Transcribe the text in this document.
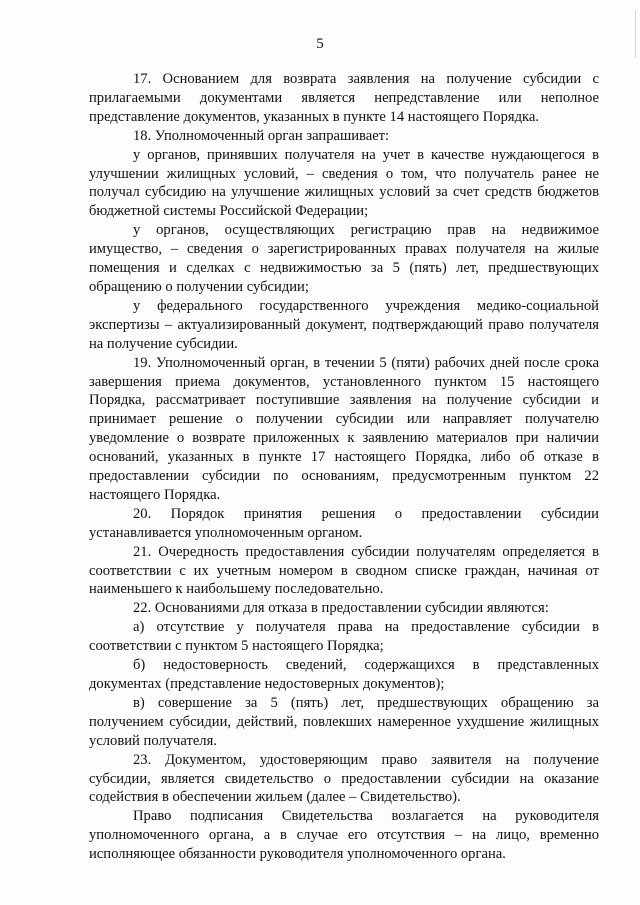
5

17. Основанием для возврата заявления на получение субсидии с прилагаемыми документами является непредставление или неполное представление документов, указанных в пункте 14 настоящего Порядка.

18. Уполномоченный орган запрашивает:

у органов, принявших получателя на учет в качестве нуждающегося в улучшении жилищных условий, – сведения о том, что получатель ранее не получал субсидию на улучшение жилищных условий за счет средств бюджетов бюджетной системы Российской Федерации;

у органов, осуществляющих регистрацию прав на недвижимое имущество, – сведения о зарегистрированных правах получателя на жилые помещения и сделках с недвижимостью за 5 (пять) лет, предшествующих обращению о получении субсидии;

у федерального государственного учреждения медико-социальной экспертизы – актуализированный документ, подтверждающий право получателя на получение субсидии.

19. Уполномоченный орган, в течении 5 (пяти) рабочих дней после срока завершения приема документов, установленного пунктом 15 настоящего Порядка, рассматривает поступившие заявления на получение субсидии и принимает решение о получении субсидии или направляет получателю уведомление о возврате приложенных к заявлению материалов при наличии оснований, указанных в пункте 17 настоящего Порядка, либо об отказе в предоставлении субсидии по основаниям, предусмотренным пунктом 22 настоящего Порядка.

20. Порядок принятия решения о предоставлении субсидии устанавливается уполномоченным органом.

21. Очередность предоставления субсидии получателям определяется в соответствии с их учетным номером в сводном списке граждан, начиная от наименьшего к наибольшему последовательно.

22. Основаниями для отказа в предоставлении субсидии являются:

а) отсутствие у получателя права на предоставление субсидии в соответствии с пунктом 5 настоящего Порядка;

б) недостоверность сведений, содержащихся в представленных документах (представление недостоверных документов);

в) совершение за 5 (пять) лет, предшествующих обращению за получением субсидии, действий, повлекших намеренное ухудшение жилищных условий получателя.

23. Документом, удостоверяющим право заявителя на получение субсидии, является свидетельство о предоставлении субсидии на оказание содействия в обеспечении жильем (далее – Свидетельство).

Право подписания Свидетельства возлагается на руководителя уполномоченного органа, а в случае его отсутствия – на лицо, временно исполняющее обязанности руководителя уполномоченного органа.
